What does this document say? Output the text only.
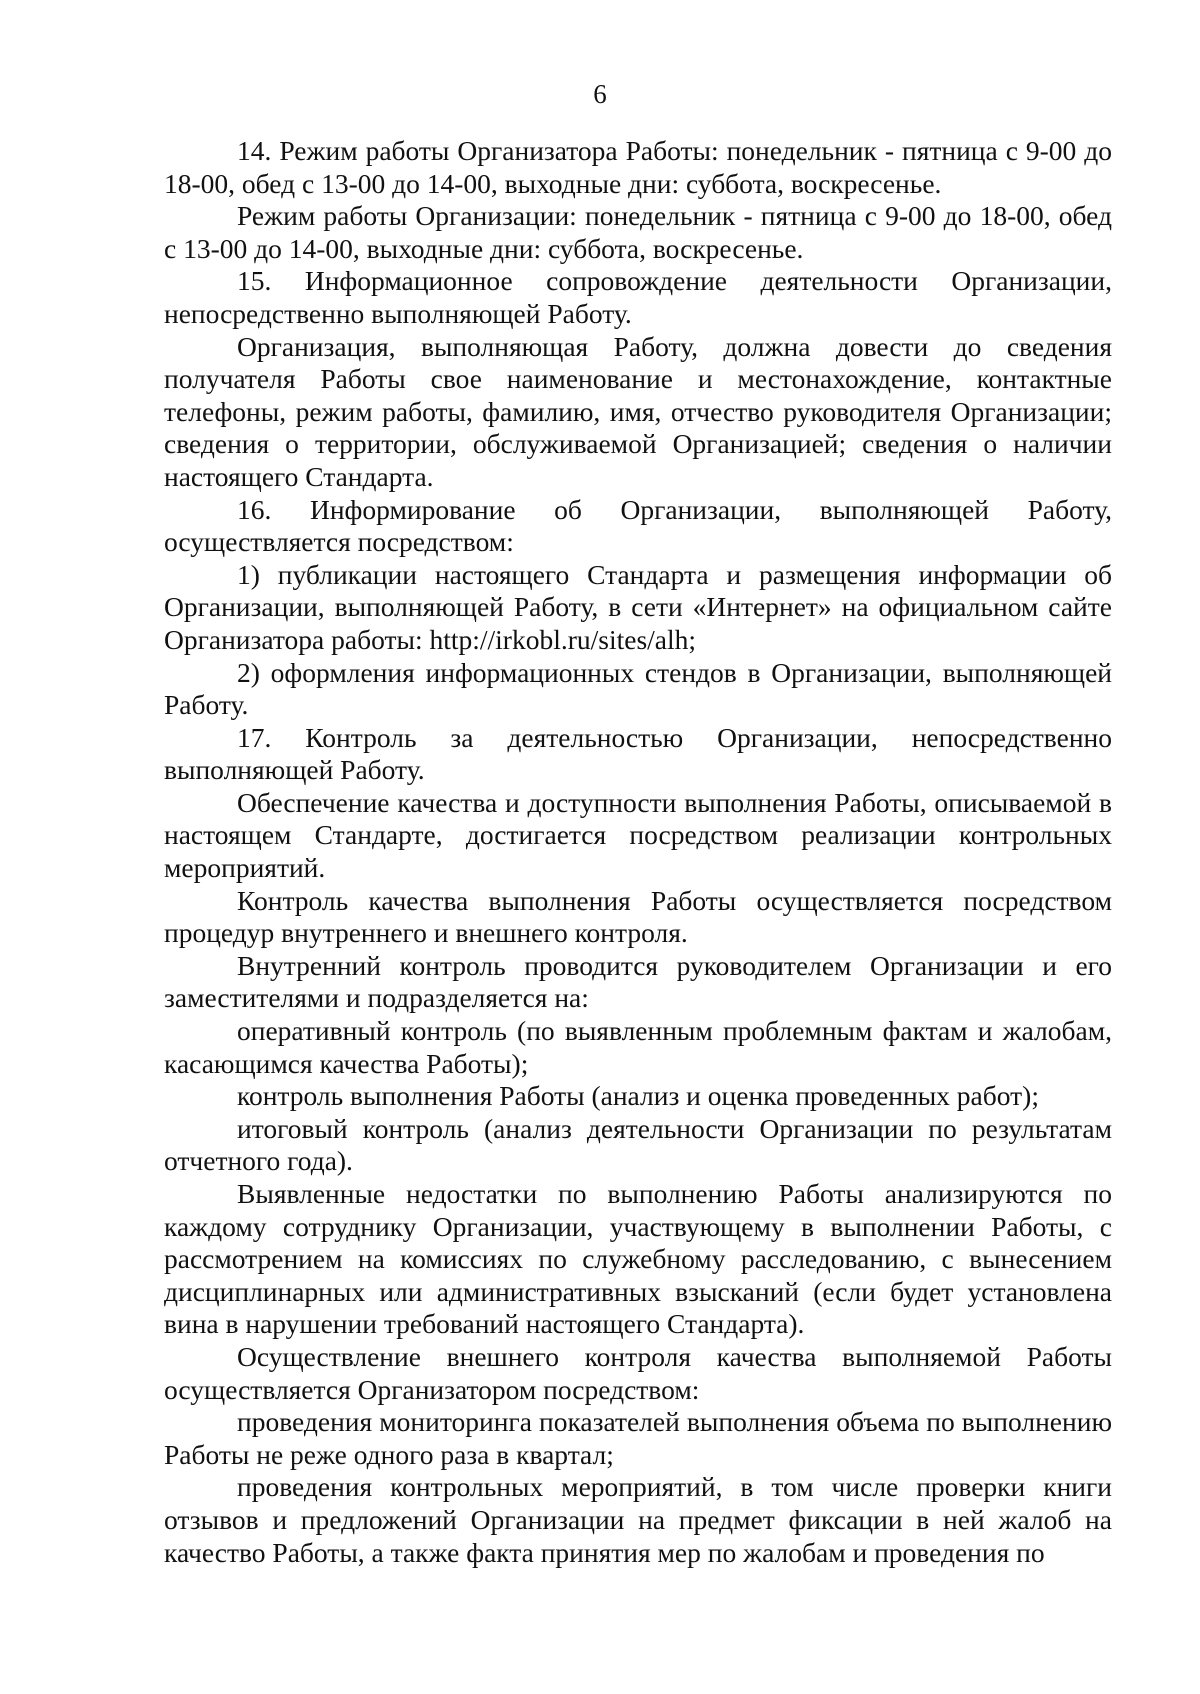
6

14. Режим работы Организатора Работы: понедельник - пятница с 9-00 до 18-00, обед с 13-00 до 14-00, выходные дни: суббота, воскресенье.

Режим работы Организации: понедельник - пятница с 9-00 до 18-00, обед с 13-00 до 14-00, выходные дни: суббота, воскресенье.

15. Информационное сопровождение деятельности Организации, непосредственно выполняющей Работу.

Организация, выполняющая Работу, должна довести до сведения получателя Работы свое наименование и местонахождение, контактные телефоны, режим работы, фамилию, имя, отчество руководителя Организации; сведения о территории, обслуживаемой Организацией; сведения о наличии настоящего Стандарта.

16. Информирование об Организации, выполняющей Работу, осуществляется посредством:

1) публикации настоящего Стандарта и размещения информации об Организации, выполняющей Работу, в сети «Интернет» на официальном сайте Организатора работы: http://irkobl.ru/sites/alh;

2) оформления информационных стендов в Организации, выполняющей Работу.

17. Контроль за деятельностью Организации, непосредственно выполняющей Работу.

Обеспечение качества и доступности выполнения Работы, описываемой в настоящем Стандарте, достигается посредством реализации контрольных мероприятий.

Контроль качества выполнения Работы осуществляется посредством процедур внутреннего и внешнего контроля.

Внутренний контроль проводится руководителем Организации и его заместителями и подразделяется на:

оперативный контроль (по выявленным проблемным фактам и жалобам, касающимся качества Работы);

контроль выполнения Работы (анализ и оценка проведенных работ);

итоговый контроль (анализ деятельности Организации по результатам отчетного года).

Выявленные недостатки по выполнению Работы анализируются по каждому сотруднику Организации, участвующему в выполнении Работы, с рассмотрением на комиссиях по служебному расследованию, с вынесением дисциплинарных или административных взысканий (если будет установлена вина в нарушении требований настоящего Стандарта).

Осуществление внешнего контроля качества выполняемой Работы осуществляется Организатором посредством:

проведения мониторинга показателей выполнения объема по выполнению Работы не реже одного раза в квартал;

проведения контрольных мероприятий, в том числе проверки книги отзывов и предложений Организации на предмет фиксации в ней жалоб на качество Работы, а также факта принятия мер по жалобам и проведения по
